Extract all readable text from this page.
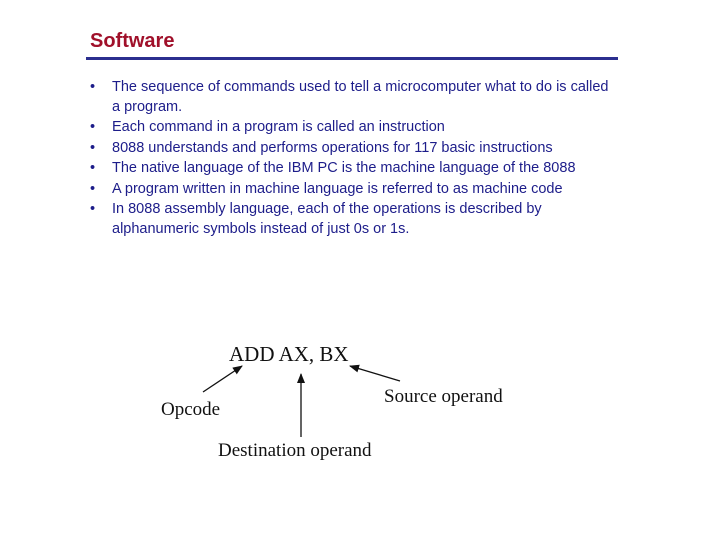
Software
• The sequence of commands used to tell a microcomputer what to do is called a program.
• Each command in a program is called an instruction
• 8088 understands and performs operations for 117 basic instructions
• The native language of the IBM PC is the machine language of the 8088
• A program written in machine language is referred to as machine code
• In 8088 assembly language, each of the operations is described by alphanumeric symbols instead of just 0s or 1s.
ADD AX, BX
Opcode
Source operand
Destination operand
